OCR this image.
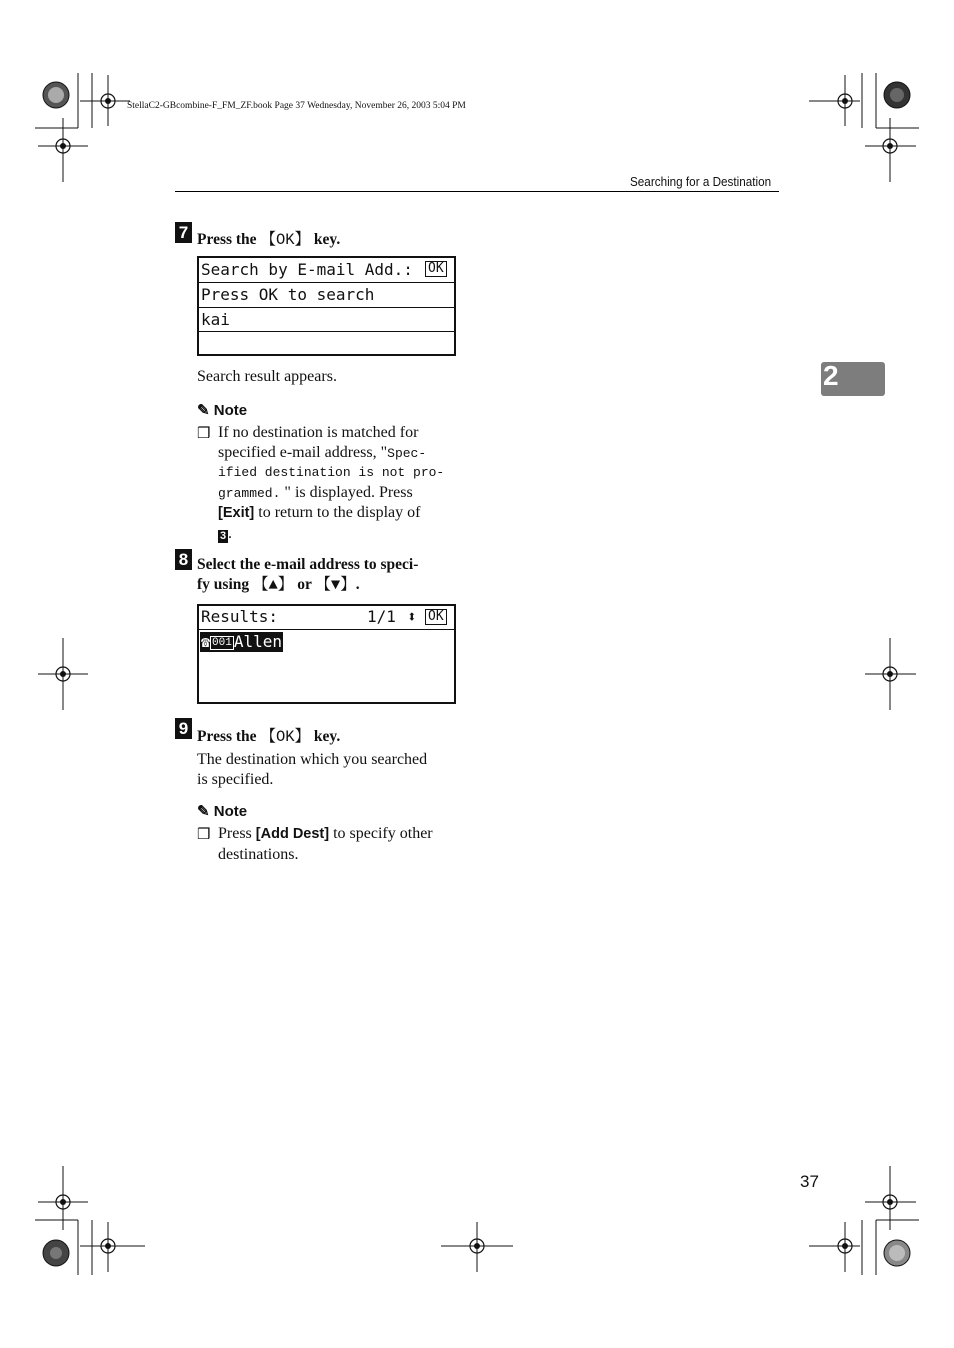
StellaC2-GBcombine-F_FM_ZF.book Page 37 Wednesday, November 26, 2003 5:04 PM
Searching for a Destination
2
7 Press the 【OK】 key.
Search by E-mail Add.: OK
Press OK to search
kai
Search result appears.
✎ Note
❒ If no destination is matched for
specified e-mail address, "Spec-
ified destination is not pro-
grammed. " is displayed. Press
[Exit] to return to the display of
3 .
8 Select the e-mail address to speci-
fy using 【▲】 or 【▼】.
Results:	1/1 ⬍ OK
☎ 001 Allen
9 Press the 【OK】 key.
The destination which you searched
is specified.
✎ Note
❒ Press [Add Dest] to specify other
destinations.
37
